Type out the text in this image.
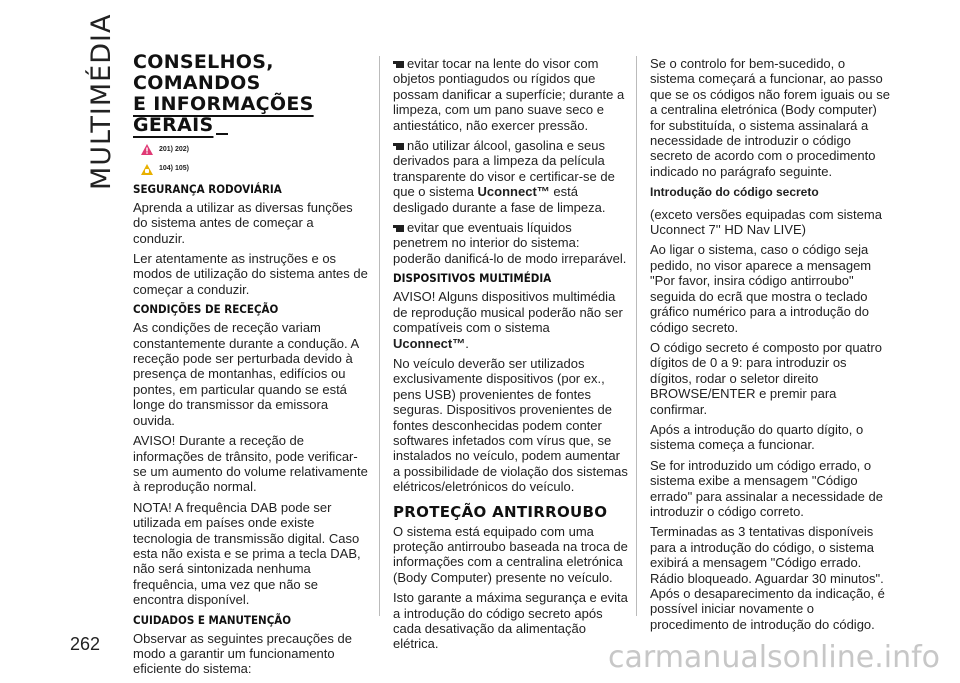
MULTIMÉDIA
262
CONSELHOS, COMANDOS
E INFORMAÇÕES GERAIS
201) 202)
104) 105)
SEGURANÇA RODOVIÁRIA

Aprenda a utilizar as diversas funções do sistema antes de começar a conduzir.

Ler atentamente as instruções e os modos de utilização do sistema antes de começar a conduzir.

CONDIÇÕES DE RECEÇÃO

As condições de receção variam constantemente durante a condução. A receção pode ser perturbada devido à presença de montanhas, edifícios ou pontes, em particular quando se está longe do transmissor da emissora ouvida.

AVISO! Durante a receção de informações de trânsito, pode verificar-se um aumento do volume relativamente à reprodução normal.

NOTA! A frequência DAB pode ser utilizada em países onde existe tecnologia de transmissão digital. Caso esta não exista e se prima a tecla DAB, não será sintonizada nenhuma frequência, uma vez que não se encontra disponível.

CUIDADOS E MANUTENÇÃO

Observar as seguintes precauções de modo a garantir um funcionamento eficiente do sistema:

evitar tocar na lente do visor com objetos pontiagudos ou rígidos que possam danificar a superfície; durante a limpeza, com um pano suave seco e antiestático, não exercer pressão.

não utilizar álcool, gasolina e seus derivados para a limpeza da película transparente do visor e certificar-se de que o sistema Uconnect™ está desligado durante a fase de limpeza.

evitar que eventuais líquidos penetrem no interior do sistema: poderão danificá-lo de modo irreparável.

DISPOSITIVOS MULTIMÉDIA

AVISO! Alguns dispositivos multimédia de reprodução musical poderão não ser compatíveis com o sistema Uconnect™.

No veículo deverão ser utilizados exclusivamente dispositivos (por ex., pens USB) provenientes de fontes seguras. Dispositivos provenientes de fontes desconhecidas podem conter softwares infetados com vírus que, se instalados no veículo, podem aumentar a possibilidade de violação dos sistemas elétricos/eletrónicos do veículo.

PROTEÇÃO ANTIRROUBO

O sistema está equipado com uma proteção antirroubo baseada na troca de informações com a centralina eletrónica (Body Computer) presente no veículo.

Isto garante a máxima segurança e evita a introdução do código secreto após cada desativação da alimentação elétrica.

Se o controlo for bem-sucedido, o sistema começará a funcionar, ao passo que se os códigos não forem iguais ou se a centralina eletrónica (Body computer) for substituída, o sistema assinalará a necessidade de introduzir o código secreto de acordo com o procedimento indicado no parágrafo seguinte.

Introdução do código secreto

(exceto versões equipadas com sistema Uconnect 7'' HD Nav LIVE)

Ao ligar o sistema, caso o código seja pedido, no visor aparece a mensagem "Por favor, insira código antirroubo" seguida do ecrã que mostra o teclado gráfico numérico para a introdução do código secreto.

O código secreto é composto por quatro dígitos de 0 a 9: para introduzir os dígitos, rodar o seletor direito BROWSE/ENTER e premir para confirmar.

Após a introdução do quarto dígito, o sistema começa a funcionar.

Se for introduzido um código errado, o sistema exibe a mensagem "Código errado" para assinalar a necessidade de introduzir o código correto.

Terminadas as 3 tentativas disponíveis para a introdução do código, o sistema exibirá a mensagem "Código errado. Rádio bloqueado. Aguardar 30 minutos". Após o desaparecimento da indicação, é possível iniciar novamente o procedimento de introdução do código.

carmanualsonline.info
